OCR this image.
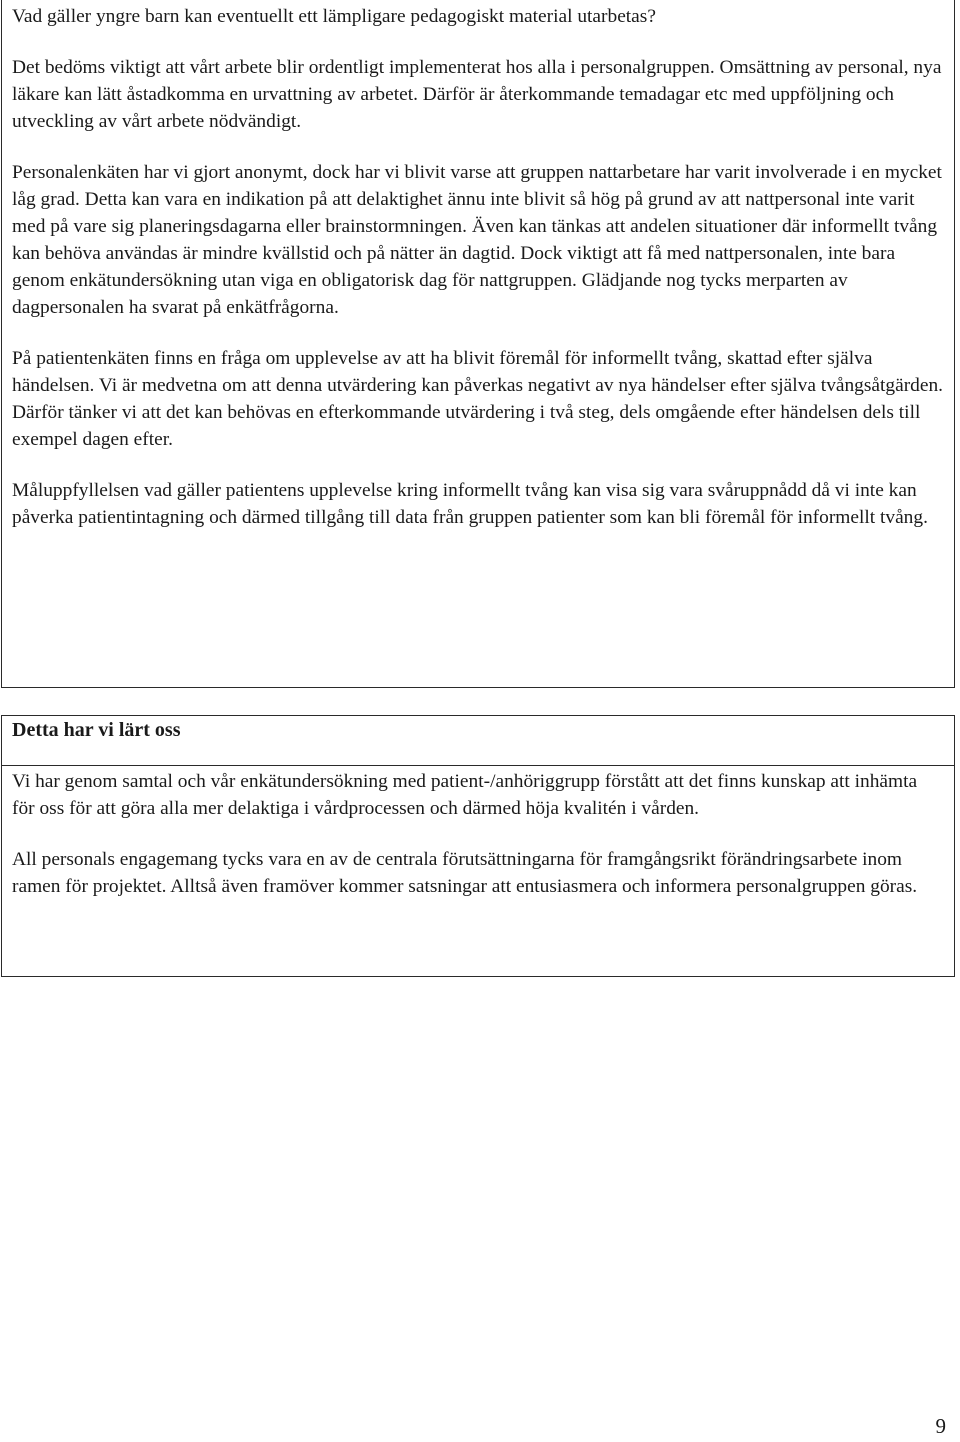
Vad gäller yngre barn kan eventuellt ett lämpligare pedagogiskt material utarbetas?

Det bedöms viktigt att vårt arbete blir ordentligt implementerat hos alla i personalgruppen. Omsättning av personal, nya läkare kan lätt åstadkomma en urvattning av arbetet. Därför är återkommande temadagar etc med uppföljning och utveckling av vårt arbete nödvändigt.

Personalenkäten har vi gjort anonymt, dock har vi blivit varse att gruppen nattarbetare har varit involverade i en mycket låg grad. Detta kan vara en indikation på att delaktighet ännu inte blivit så hög på grund av att nattpersonal inte varit med på vare sig planeringsdagarna eller brainstormningen. Även kan tänkas att andelen situationer där informellt tvång kan behöva användas är mindre kvällstid och på nätter än dagtid. Dock viktigt att få med nattpersonalen, inte bara genom enkätundersökning utan viga en obligatorisk dag för nattgruppen. Glädjande nog tycks merparten av dagpersonalen ha svarat på enkätfrågorna.

På patientenkäten finns en fråga om upplevelse av att ha blivit föremål för informellt tvång, skattad efter själva händelsen. Vi är medvetna om att denna utvärdering kan påverkas negativt av nya händelser efter själva tvångsåtgärden. Därför tänker vi att det kan behövas en efterkommande utvärdering i två steg, dels omgående efter händelsen dels till exempel dagen efter.

Måluppfyllelsen vad gäller patientens upplevelse kring informellt tvång kan visa sig vara svåruppnådd då vi inte kan påverka patientintagning och därmed tillgång till data från gruppen patienter som kan bli föremål för informellt tvång.

Detta har vi lärt oss

Vi har genom samtal och vår enkätundersökning med patient-/anhöriggrupp förstått att det finns kunskap att inhämta för oss för att göra alla mer delaktiga i vårdprocessen och därmed höja kvalitén i vården.

All personals engagemang tycks vara en av de centrala förutsättningarna för framgångsrikt förändringsarbete inom ramen för projektet. Alltså även framöver kommer satsningar att entusiasmera och informera personalgruppen göras.

9
